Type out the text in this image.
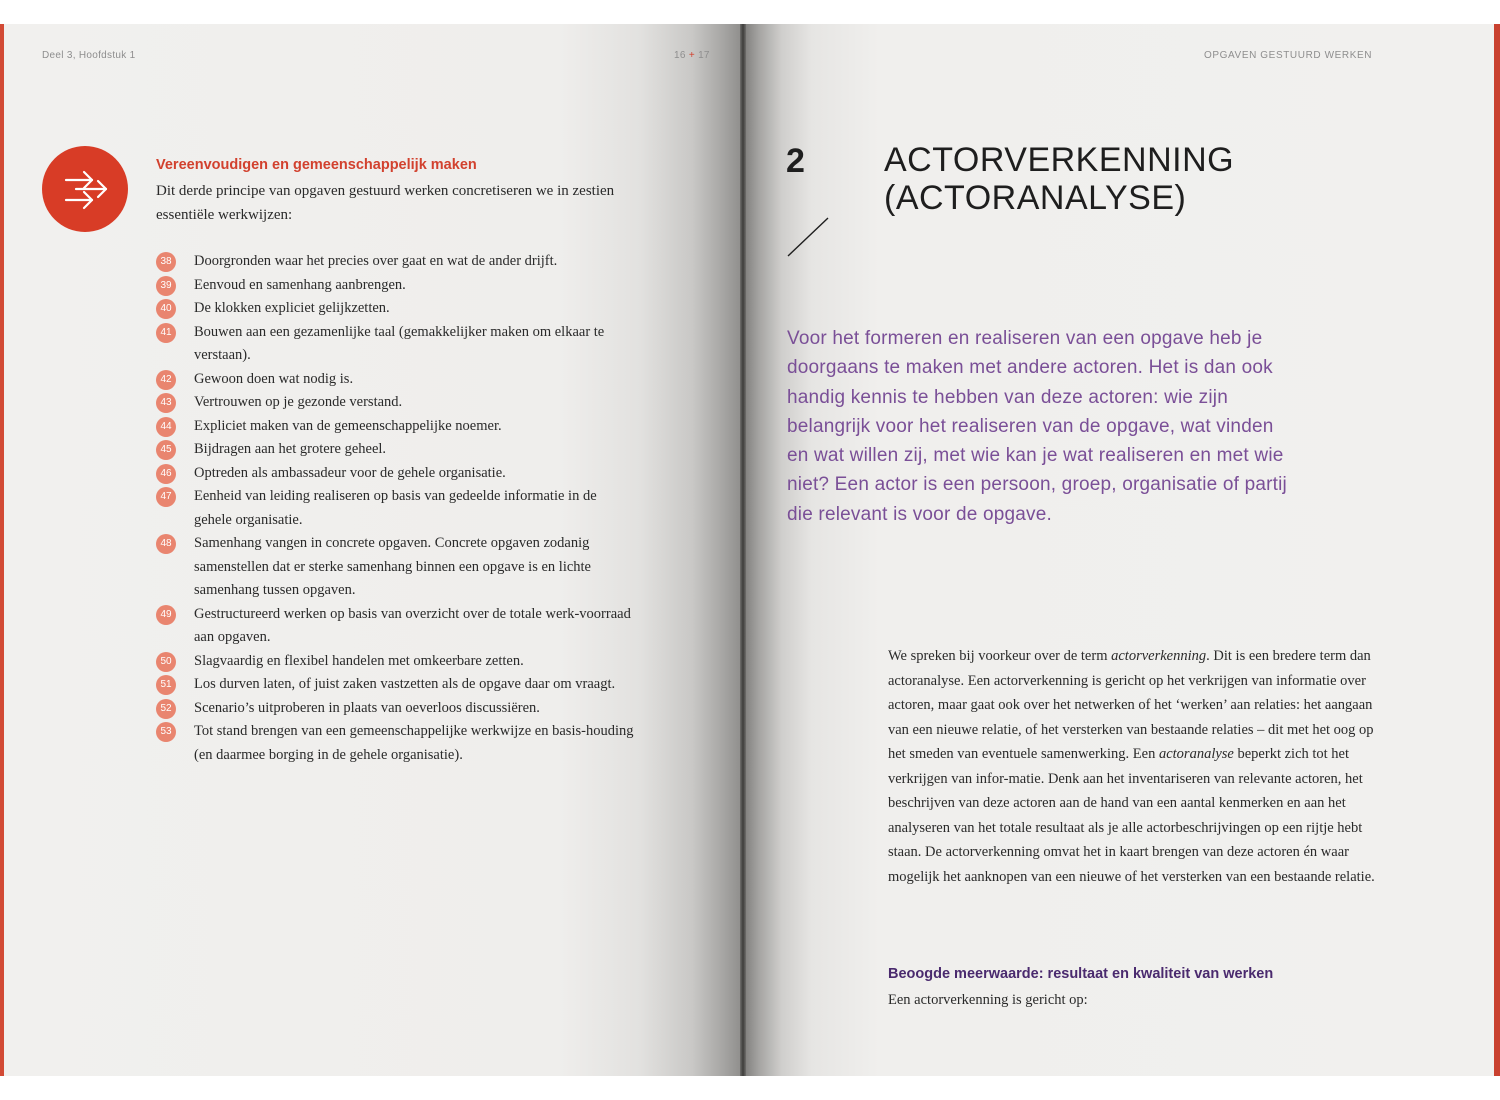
Deel 3, Hoofdstuk 1	16 + 17
Vereenvoudigen en gemeenschappelijk maken
Dit derde principe van opgaven gestuurd werken concretiseren we in zestien essentiële werkwijzen:
38	Doorgronden waar het precies over gaat en wat de ander drijft.
39	Eenvoud en samenhang aanbrengen.
40	De klokken expliciet gelijkzetten.
41	Bouwen aan een gezamenlijke taal (gemakkelijker maken om elkaar te verstaan).
42	Gewoon doen wat nodig is.
43	Vertrouwen op je gezonde verstand.
44	Expliciet maken van de gemeenschappelijke noemer.
45	Bijdragen aan het grotere geheel.
46	Optreden als ambassadeur voor de gehele organisatie.
47	Eenheid van leiding realiseren op basis van gedeelde informatie in de gehele organisatie.
48	Samenhang vangen in concrete opgaven. Concrete opgaven zodanig samenstellen dat er sterke samenhang binnen een opgave is en lichte samenhang tussen opgaven.
49	Gestructureerd werken op basis van overzicht over de totale werk-voorraad aan opgaven.
50	Slagvaardig en flexibel handelen met omkeerbare zetten.
51	Los durven laten, of juist zaken vastzetten als de opgave daar om vraagt.
52	Scenario’s uitproberen in plaats van oeverloos discussiëren.
53	Tot stand brengen van een gemeenschappelijke werkwijze en basis-houding (en daarmee borging in de gehele organisatie).
OPGAVEN GESTUURD WERKEN
2 ACTORVERKENNING
(ACTORANALYSE)
Voor het formeren en realiseren van een opgave heb je doorgaans te maken met andere actoren. Het is dan ook handig kennis te hebben van deze actoren: wie zijn belangrijk voor het realiseren van de opgave, wat vinden en wat willen zij, met wie kan je wat realiseren en met wie niet? Een actor is een persoon, groep, organisatie of partij die relevant is voor de opgave.
We spreken bij voorkeur over de term actorverkenning. Dit is een bredere term dan actoranalyse. Een actorverkenning is gericht op het verkrijgen van informatie over actoren, maar gaat ook over het netwerken of het ‘werken’ aan relaties: het aangaan van een nieuwe relatie, of het versterken van bestaande relaties – dit met het oog op het smeden van eventuele samenwerking. Een actoranalyse beperkt zich tot het verkrijgen van infor-matie. Denk aan het inventariseren van relevante actoren, het beschrijven van deze actoren aan de hand van een aantal kenmerken en aan het analyseren van het totale resultaat als je alle actorbeschrijvingen op een rijtje hebt staan. De actorverkenning omvat het in kaart brengen van deze actoren én waar mogelijk het aanknopen van een nieuwe of het versterken van een bestaande relatie.
Beoogde meerwaarde: resultaat en kwaliteit van werken
Een actorverkenning is gericht op:
